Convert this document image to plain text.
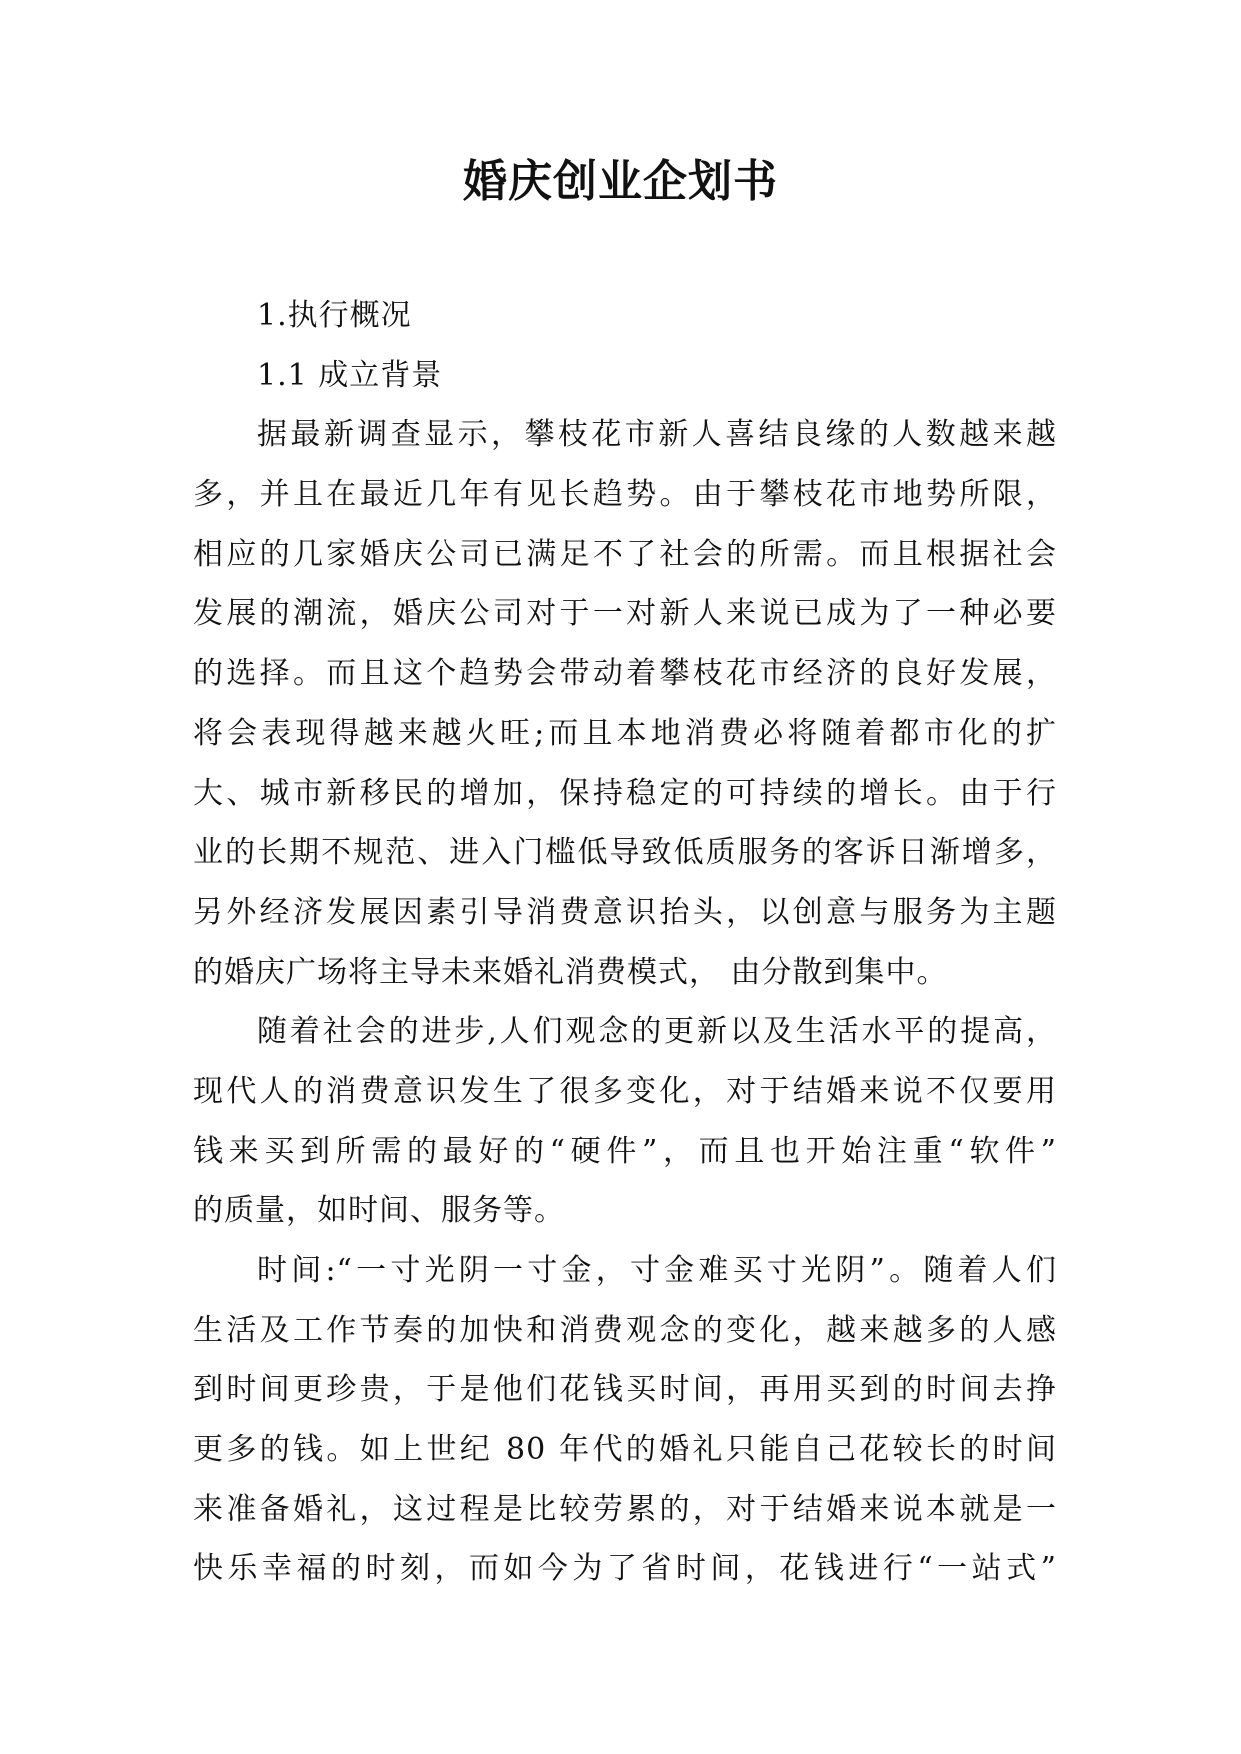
婚庆创业企划书
1.执行概况
1.1 成立背景
据最新调查显示，攀枝花市新人喜结良缘的人数越来越
多，并且在最近几年有见长趋势。由于攀枝花市地势所限，
相应的几家婚庆公司已满足不了社会的所需。而且根据社会
发展的潮流，婚庆公司对于一对新人来说已成为了一种必要
的选择。而且这个趋势会带动着攀枝花市经济的良好发展，
将会表现得越来越火旺;而且本地消费必将随着都市化的扩
大、城市新移民的增加，保持稳定的可持续的增长。由于行
业的长期不规范、进入门槛低导致低质服务的客诉日渐增多，
另外经济发展因素引导消费意识抬头，以创意与服务为主题
的婚庆广场将主导未来婚礼消费模式， 由分散到集中。
随着社会的进步,人们观念的更新以及生活水平的提高，
现代人的消费意识发生了很多变化，对于结婚来说不仅要用
钱来买到所需的最好的“硬件”，而且也开始注重“软件”
的质量，如时间、服务等。
时间:“一寸光阴一寸金，寸金难买寸光阴”。随着人们
生活及工作节奏的加快和消费观念的变化，越来越多的人感
到时间更珍贵，于是他们花钱买时间，再用买到的时间去挣
更多的钱。如上世纪 80 年代的婚礼只能自己花较长的时间
来准备婚礼，这过程是比较劳累的，对于结婚来说本就是一
快乐幸福的时刻，而如今为了省时间，花钱进行“一站式”
